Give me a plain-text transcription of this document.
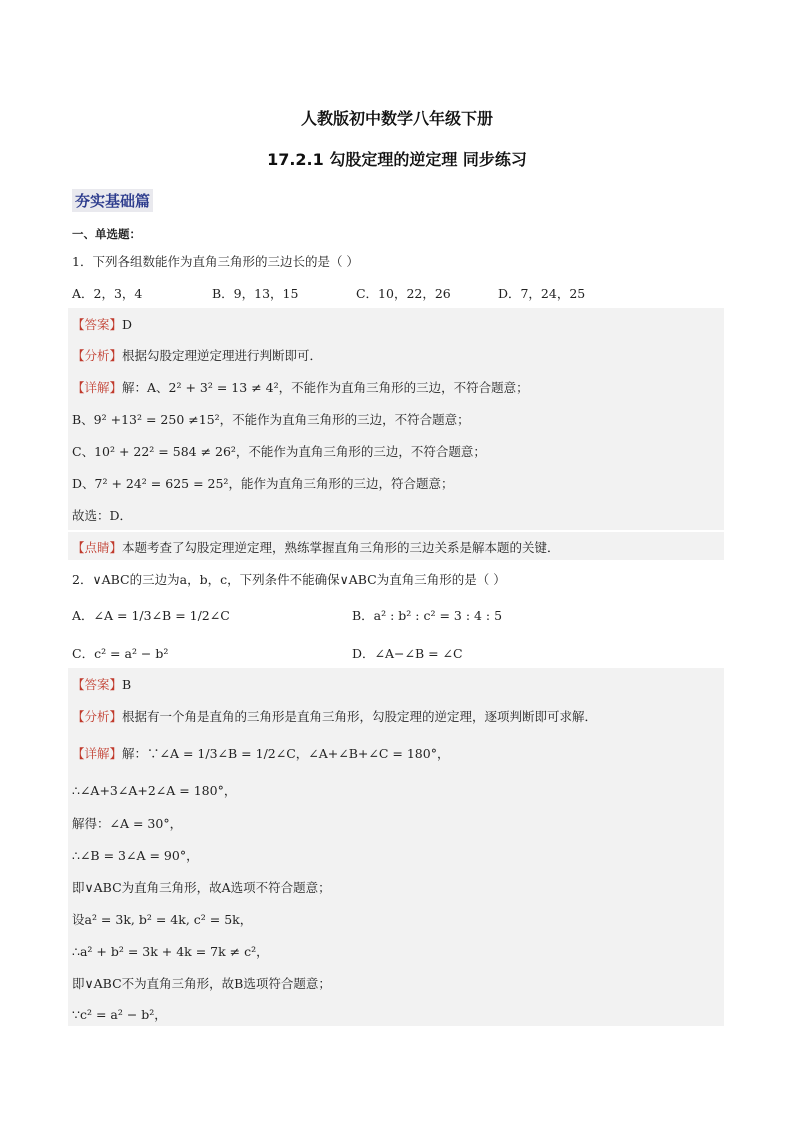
人教版初中数学八年级下册
17.2.1 勾股定理的逆定理 同步练习
夯实基础篇
一、单选题：
1．下列各组数能作为直角三角形的三边长的是（ ）
A．2，3，4	B．9，13，15	C．10，22，26	D．7，24，25
【答案】D
【分析】根据勾股定理逆定理进行判断即可．
【详解】解：A、2² + 3² = 13 ≠ 4²，不能作为直角三角形的三边，不符合题意；
B、9² +13² = 250 ≠15²，不能作为直角三角形的三边，不符合题意；
C、10² + 22² = 584 ≠ 26²，不能作为直角三角形的三边，不符合题意；
D、7² + 24² = 625 = 25²，能作为直角三角形的三边，符合题意；
故选：D．
【点睛】本题考查了勾股定理逆定理，熟练掌握直角三角形的三边关系是解本题的关键．
2．∨ABC的三边为a，b，c，下列条件不能确保∨ABC为直角三角形的是（ ）
A．∠A = 1/3∠B = 1/2∠C	B．a² : b² : c² = 3 : 4 : 5
C．c² = a² − b²	D．∠A−∠B = ∠C
【答案】B
【分析】根据有一个角是直角的三角形是直角三角形，勾股定理的逆定理，逐项判断即可求解．
【详解】解：∵∠A = 1/3∠B = 1/2∠C，∠A+∠B+∠C = 180°，
∴∠A+3∠A+2∠A = 180°，
解得：∠A = 30°，
∴∠B = 3∠A = 90°，
即∨ABC为直角三角形，故A选项不符合题意；
设a² = 3k, b² = 4k, c² = 5k，
∴a² + b² = 3k + 4k = 7k ≠ c²，
即∨ABC不为直角三角形，故B选项符合题意；
∵c² = a² − b²，
